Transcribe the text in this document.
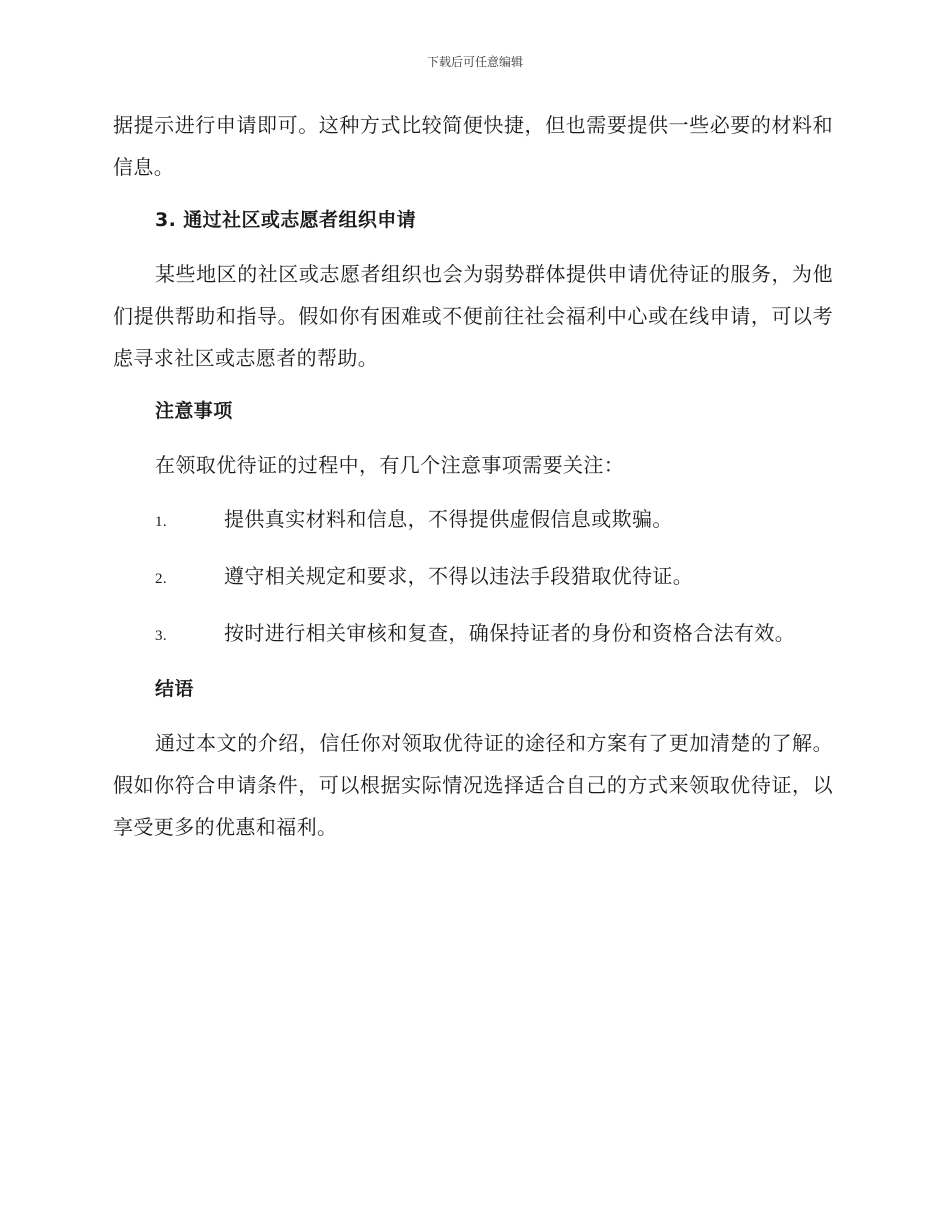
下载后可任意编辑

据提示进行申请即可。这种方式比较简便快捷，但也需要提供一些必要的材料和信息。

3. 通过社区或志愿者组织申请

某些地区的社区或志愿者组织也会为弱势群体提供申请优待证的服务，为他们提供帮助和指导。假如你有困难或不便前往社会福利中心或在线申请，可以考虑寻求社区或志愿者的帮助。

注意事项

在领取优待证的过程中，有几个注意事项需要关注：

1.	提供真实材料和信息，不得提供虚假信息或欺骗。
2.	遵守相关规定和要求，不得以违法手段猎取优待证。
3.	按时进行相关审核和复查，确保持证者的身份和资格合法有效。
结语

通过本文的介绍，信任你对领取优待证的途径和方案有了更加清楚的了解。假如你符合申请条件，可以根据实际情况选择适合自己的方式来领取优待证，以享受更多的优惠和福利。
